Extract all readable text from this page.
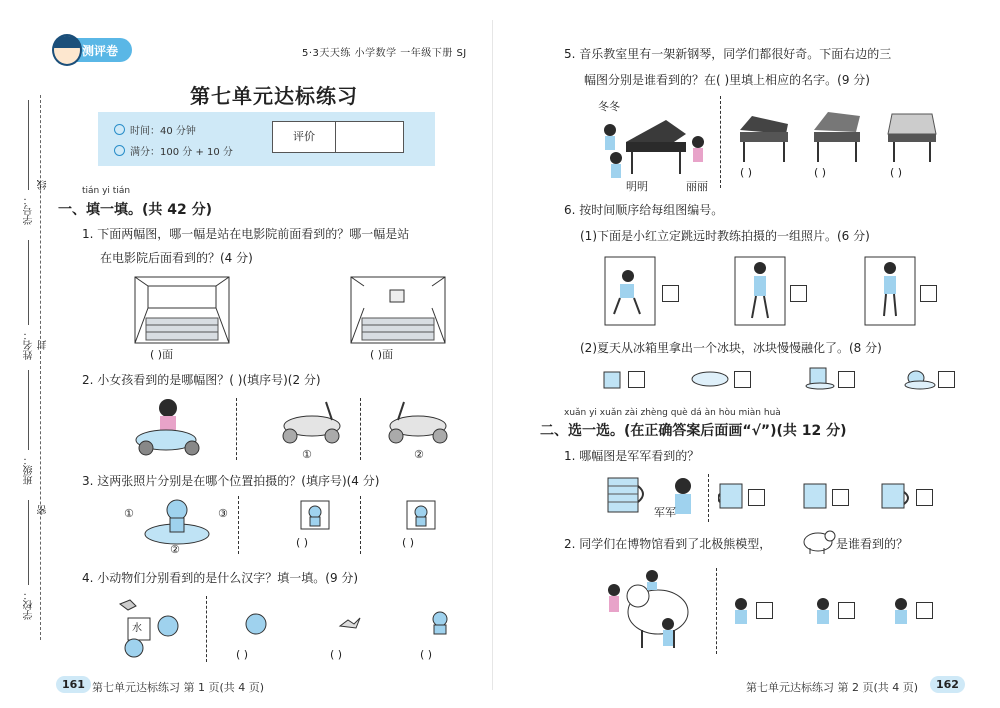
学号：
姓名：
班级：
学校：
线
封
密
测评卷	5·3天天练 小学数学 一年级下册 SJ
第七单元达标练习
时间：40 分钟
满分：100 分 + 10 分
评价
tián yi tián
一、填一填。(共 42 分)
1. 下面两幅图，哪一幅是站在电影院前面看到的？哪一幅是站
在电影院后面看到的？(4 分)
( )面	( )面
2. 小女孩看到的是哪幅图？( )(填序号)(2 分)
①	②
3. 这两张照片分别是在哪个位置拍摄的？(填序号)(4 分)
①	③
②
( )	( )
4. 小动物们分别看到的是什么汉字？填一填。(9 分)
水
( )	( )	( )
161 第七单元达标练习 第 1 页(共 4 页)
5. 音乐教室里有一架新钢琴，同学们都很好奇。下面右边的三
幅图分别是谁看到的？在( )里填上相应的名字。(9 分)
冬冬
明明	丽丽
( )	( )	( )
6. 按时间顺序给每组图编号。
(1)下面是小红立定跳远时教练拍摄的一组照片。(6 分)
(2)夏天从冰箱里拿出一个冰块，冰块慢慢融化了。(8 分)
xuǎn yi xuǎn zài zhèng què dá àn hòu miàn huà
二、选一选。(在正确答案后面画“√”)(共 12 分)
1. 哪幅图是军军看到的？
军军
2. 同学们在博物馆看到了北极熊模型，	是谁看到的？
第七单元达标练习 第 2 页(共 4 页)	162
